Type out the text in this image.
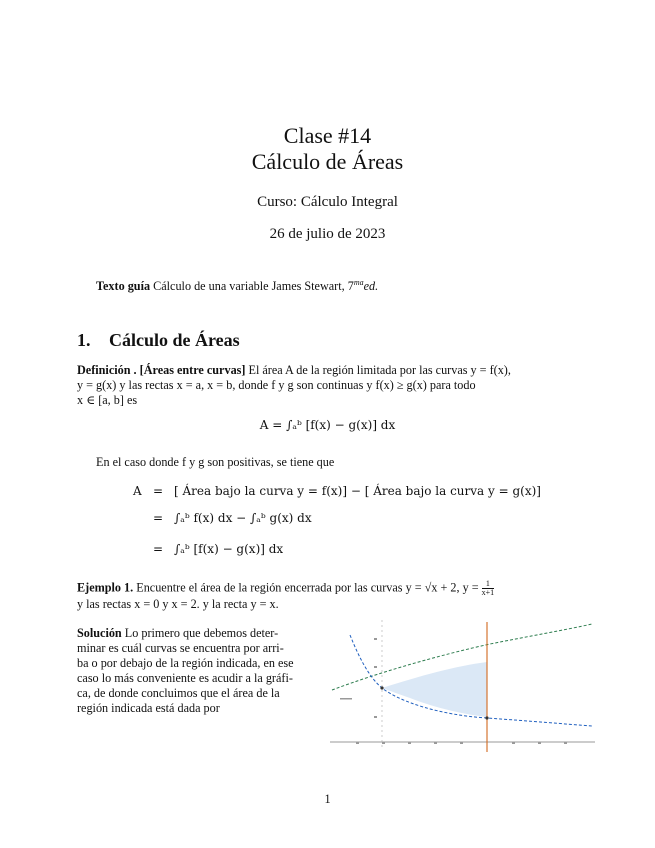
Clase #14
Cálculo de Áreas
Curso: Cálculo Integral
26 de julio de 2023
Texto guía Cálculo de una variable James Stewart, $7^{ma}ed$.
1. Cálculo de Áreas
Definición . [Áreas entre curvas] El área A de la región limitada por las curvas y = f(x),
y = g(x) y las rectas x = a, x = b, donde f y g son continuas y f(x) ≥ g(x) para todo
x ∈ [a, b] es
A = ∫ₐᵇ [f(x) − g(x)] dx
En el caso donde f y g son positivas, se tiene que
A = [ Área bajo la curva y = f(x)] − [ Área bajo la curva y = g(x)]
= ∫ₐᵇ f(x) dx − ∫ₐᵇ g(x) dx
= ∫ₐᵇ [f(x) − g(x)] dx
Ejemplo 1. Encuentre el área de la región encerrada por las curvas y = √x + 2, $y = \frac{1}{x+1}$
y las rectas x = 0 y x = 2. y la recta y = x.
Solución Lo primero que debemos deter-
minar es cuál curvas se encuentra por arri-
ba o por debajo de la región indicada, en ese
caso lo más conveniente es acudir a la gráfi-
ca, de donde concluimos que el área de la
región indicada está dada por
1
